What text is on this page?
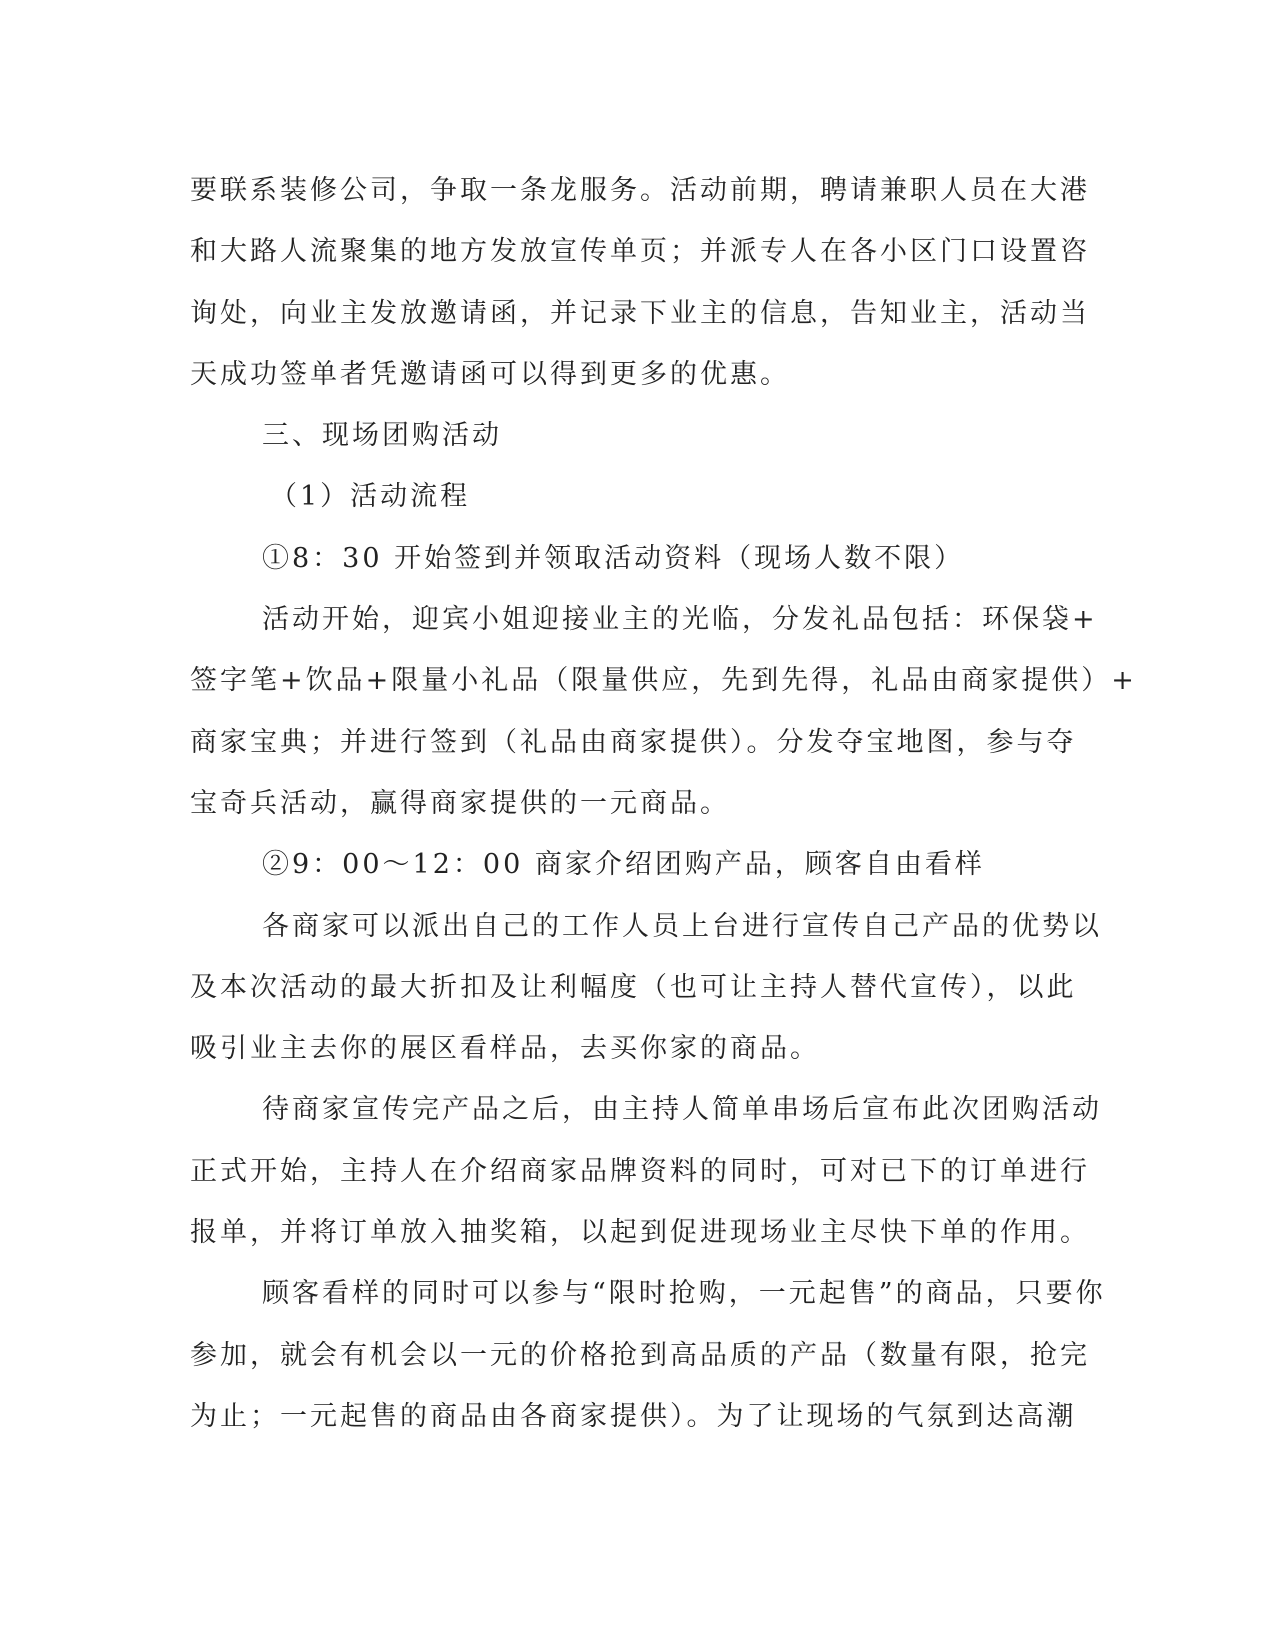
要联系装修公司，争取一条龙服务。活动前期，聘请兼职人员在大港
和大路人流聚集的地方发放宣传单页；并派专人在各小区门口设置咨
询处，向业主发放邀请函，并记录下业主的信息，告知业主，活动当
天成功签单者凭邀请函可以得到更多的优惠。
三、现场团购活动
（1）活动流程
①8：30 开始签到并领取活动资料（现场人数不限）
活动开始，迎宾小姐迎接业主的光临，分发礼品包括：环保袋+
签字笔+饮品+限量小礼品（限量供应，先到先得，礼品由商家提供）+
商家宝典；并进行签到（礼品由商家提供）。分发夺宝地图，参与夺
宝奇兵活动，赢得商家提供的一元商品。
②9：00～12：00 商家介绍团购产品，顾客自由看样
各商家可以派出自己的工作人员上台进行宣传自己产品的优势以
及本次活动的最大折扣及让利幅度（也可让主持人替代宣传），以此
吸引业主去你的展区看样品，去买你家的商品。
待商家宣传完产品之后，由主持人简单串场后宣布此次团购活动
正式开始，主持人在介绍商家品牌资料的同时，可对已下的订单进行
报单，并将订单放入抽奖箱，以起到促进现场业主尽快下单的作用。
顾客看样的同时可以参与“限时抢购，一元起售”的商品，只要你
参加，就会有机会以一元的价格抢到高品质的产品（数量有限，抢完
为止；一元起售的商品由各商家提供）。为了让现场的气氛到达高潮
